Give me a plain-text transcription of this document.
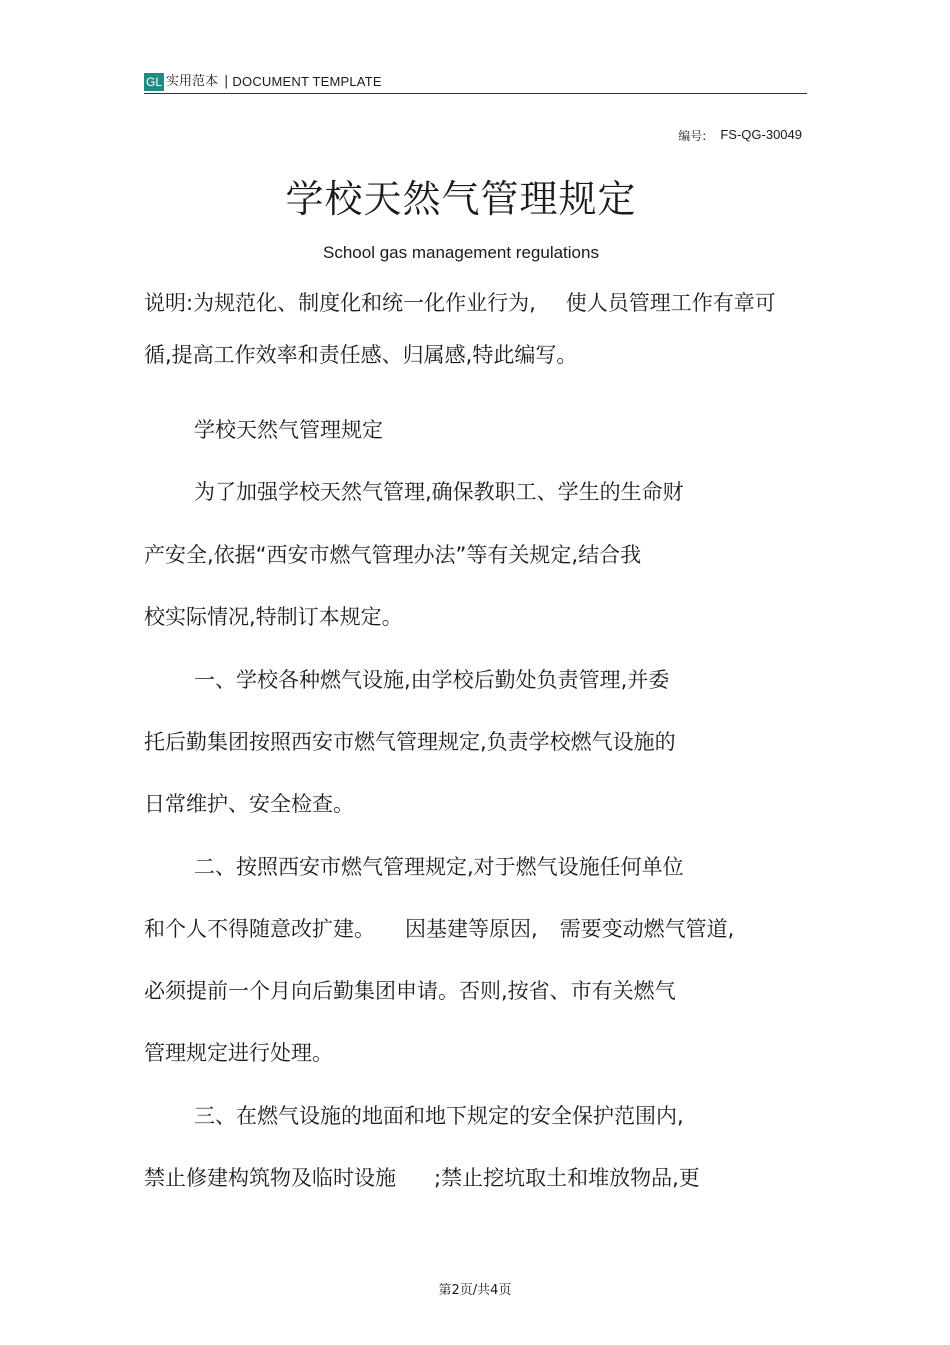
GL 实用范本 | DOCUMENT TEMPLATE
编号: FS-QG-30049
学校天然气管理规定
School gas management regulations
说明:为规范化、制度化和统一化作业行为, 使人员管理工作有章可
循,提高工作效率和责任感、归属感,特此编写。
学校天然气管理规定
为了加强学校天然气管理,确保教职工、学生的生命财
产安全,依据“西安市燃气管理办法”等有关规定,结合我
校实际情况,特制订本规定。
一、学校各种燃气设施,由学校后勤处负责管理,并委
托后勤集团按照西安市燃气管理规定,负责学校燃气设施的
日常维护、安全检查。
二、按照西安市燃气管理规定,对于燃气设施任何单位
和个人不得随意改扩建。 因基建等原因, 需要变动燃气管道,
必须提前一个月向后勤集团申请。否则,按省、市有关燃气
管理规定进行处理。
三、在燃气设施的地面和地下规定的安全保护范围内,
禁止修建构筑物及临时设施 ;禁止挖坑取土和堆放物品,更
第2页/共4页
